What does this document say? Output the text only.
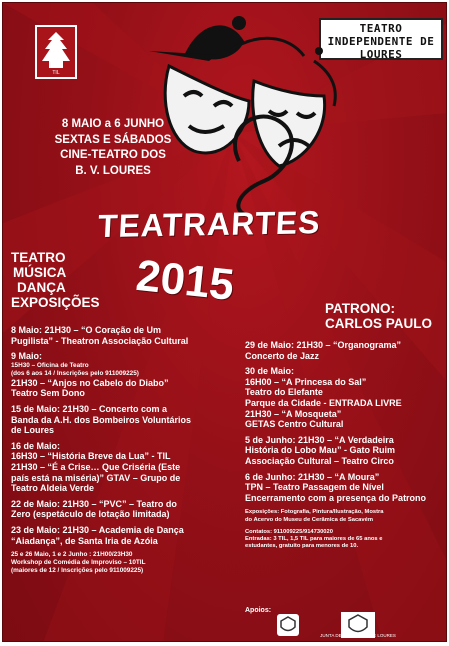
TIL
TEATRO
INDEPENDENTE DE
LOURES
8 MAIO a 6 JUNHO
SEXTAS E SÁBADOS
CINE-TEATRO DOS
B. V. LOURES
TEATRARTES
2015
TEATRO
MÚSICA
DANÇA
EXPOSIÇÕES	PATRONO:
CARLOS PAULO
8 Maio: 21H30 – “O Coração de Um
Pugilista” - Theatron Associação Cultural
9 Maio:
15H30 – Oficina de Teatro
(dos 6 aos 14 / Inscrições pelo 911009225)
21H30 – “Anjos no Cabelo do Diabo”
Teatro Sem Dono
15 de Maio: 21H30 – Concerto com a
Banda da A.H. dos Bombeiros Voluntários
de Loures
16 de Maio:
16H30 – “História Breve da Lua” - TIL
21H30 – “É a Crise… Que Criséria (Este
país está na miséria)” GTAV – Grupo de
Teatro Aldeia Verde
22 de Maio: 21H30 – “PVC” – Teatro do
Zero (espetáculo de lotação limitada)
23 de Maio: 21H30 – Academia de Dança
“Aiadança”, de Santa Iria de Azóia
25 e 26 Maio, 1 e 2 Junho : 21H00/23H30
Workshop de Comédia de Improviso – 10TIL
(maiores de 12 / Inscrições pelo 911009225)
29 de Maio: 21H30 – “Organograma”
Concerto de Jazz
30 de Maio:
16H00 – “A Princesa do Sal”
Teatro do Elefante
Parque da Cidade - ENTRADA LIVRE
21H30 – “A Mosqueta”
GETAS Centro Cultural
5 de Junho: 21H30 – “A Verdadeira
História do Lobo Mau” - Gato Ruim
Associação Cultural – Teatro Circo
6 de Junho: 21H30 – “A Moura”
TPN – Teatro Passagem de Nível
Encerramento com a presença do Patrono
Exposições: Fotografia, Pintura/Ilustração, Mostra
do Acervo do Museu de Cerâmica de Sacavém
Contatos: 911009225/914730020
Entradas: 3 TIL, 1,5 TIL para maiores de 65 anos e
estudantes, gratuito para menores de 10.
Apoios:
JUNTA DE FREGUESIA DE LOURES
